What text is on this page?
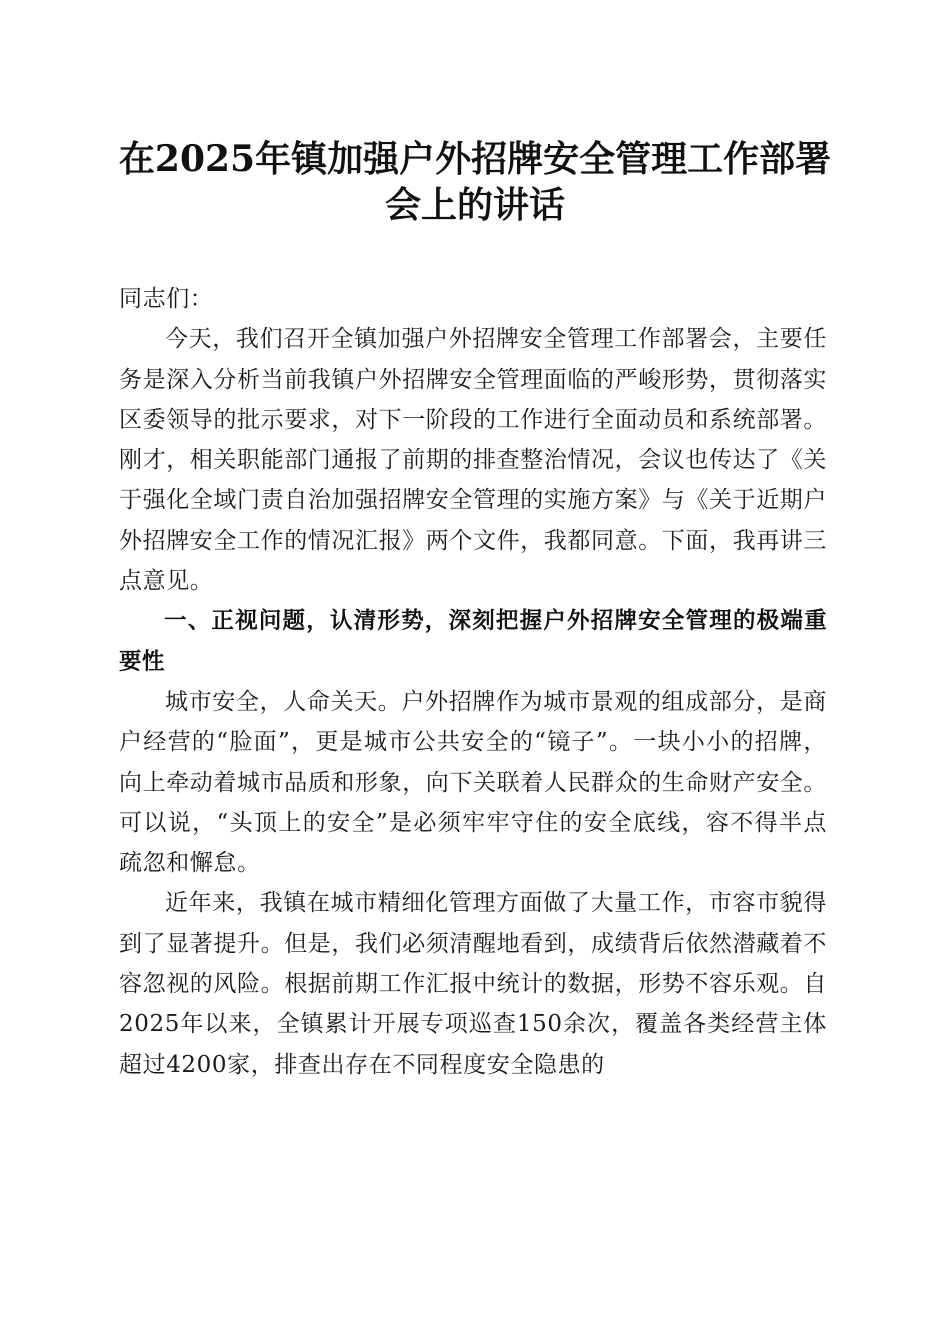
在2025年镇加强户外招牌安全管理工作部署
会上的讲话

同志们：

今天，我们召开全镇加强户外招牌安全管理工作部署会，主要任务是深入分析当前我镇户外招牌安全管理面临的严峻形势，贯彻落实区委领导的批示要求，对下一阶段的工作进行全面动员和系统部署。刚才，相关职能部门通报了前期的排查整治情况，会议也传达了《关于强化全域门责自治加强招牌安全管理的实施方案》与《关于近期户外招牌安全工作的情况汇报》两个文件，我都同意。下面，我再讲三点意见。

一、正视问题，认清形势，深刻把握户外招牌安全管理的极端重要性

城市安全，人命关天。户外招牌作为城市景观的组成部分，是商户经营的“脸面”，更是城市公共安全的“镜子”。一块小小的招牌，向上牵动着城市品质和形象，向下关联着人民群众的生命财产安全。可以说，“头顶上的安全”是必须牢牢守住的安全底线，容不得半点疏忽和懈怠。

近年来，我镇在城市精细化管理方面做了大量工作，市容市貌得到了显著提升。但是，我们必须清醒地看到，成绩背后依然潜藏着不容忽视的风险。根据前期工作汇报中统计的数据，形势不容乐观。自2025年以来，全镇累计开展专项巡查150余次，覆盖各类经营主体超过4200家，排查出存在不同程度安全隐患的
